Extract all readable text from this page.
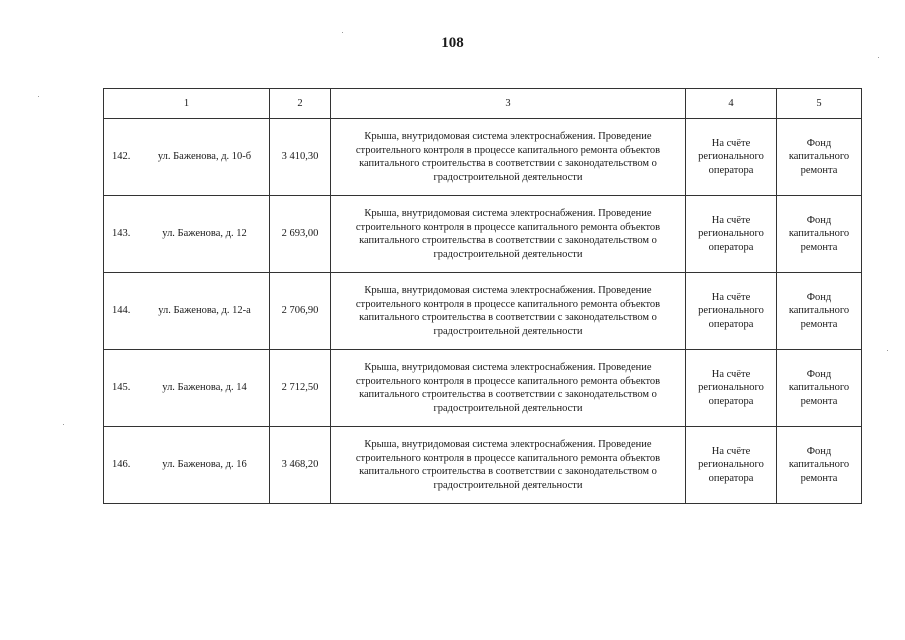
108
1	2	3	4	5

142. ул. Баженова, д. 10-б	3 410,30	Крыша, внутридомовая система электроснабжения. Проведение строительного контроля в процессе капитального ремонта объектов капитального строительства в соответствии с законодательством о градостроительной деятельности	На счёте регионального оператора	Фонд капитального ремонта

143. ул. Баженова, д. 12	2 693,00	Крыша, внутридомовая система электроснабжения. Проведение строительного контроля в процессе капитального ремонта объектов капитального строительства в соответствии с законодательством о градостроительной деятельности	На счёте регионального оператора	Фонд капитального ремонта

144. ул. Баженова, д. 12-а	2 706,90	Крыша, внутридомовая система электроснабжения. Проведение строительного контроля в процессе капитального ремонта объектов капитального строительства в соответствии с законодательством о градостроительной деятельности	На счёте регионального оператора	Фонд капитального ремонта

145. ул. Баженова, д. 14	2 712,50	Крыша, внутридомовая система электроснабжения. Проведение строительного контроля в процессе капитального ремонта объектов капитального строительства в соответствии с законодательством о градостроительной деятельности	На счёте регионального оператора	Фонд капитального ремонта

146. ул. Баженова, д. 16	3 468,20	Крыша, внутридомовая система электроснабжения. Проведение строительного контроля в процессе капитального ремонта объектов капитального строительства в соответствии с законодательством о градостроительной деятельности	На счёте регионального оператора	Фонд капитального ремонта
